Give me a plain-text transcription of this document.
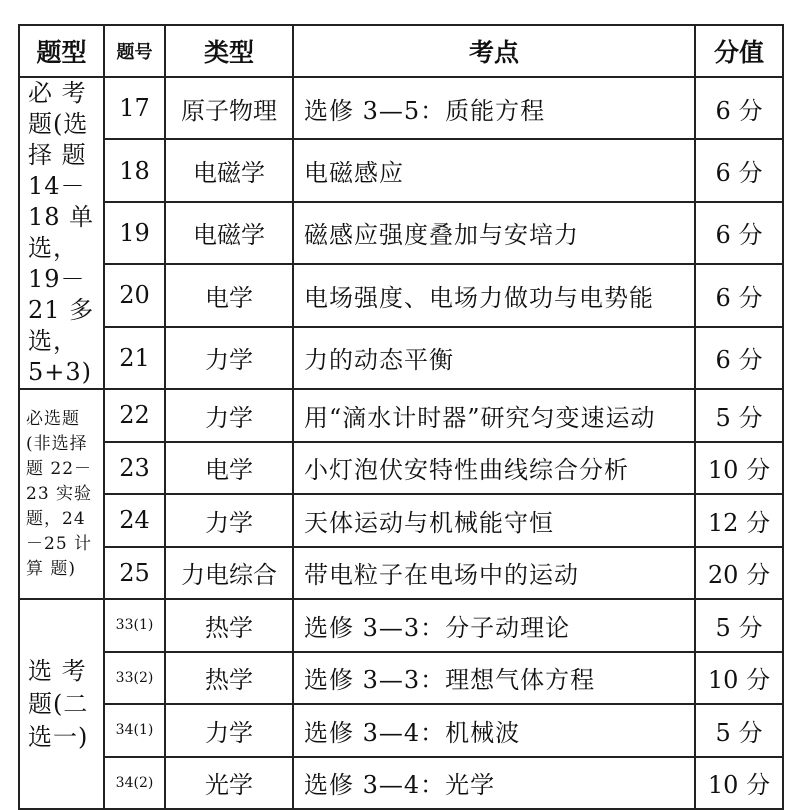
题型	题号	类型	考点	分值
必 考 题(选 择 题 14－18 单选， 19－21 多选， 5+3)	17	原子物理	选修 3—5：质能方程	6 分
	18	电磁学	电磁感应	6 分
	19	电磁学	磁感应强度叠加与安培力	6 分
	20	电学	电场强度、电场力做功与电势能	6 分
	21	力学	力的动态平衡	6 分
必选题 (非选择 题 22－23 实验 题，24－25 计算 题)	22	力学	用“滴水计时器”研究匀变速运动	5 分
	23	电学	小灯泡伏安特性曲线综合分析	10 分
	24	力学	天体运动与机械能守恒	12 分
	25	力电综合	带电粒子在电场中的运动	20 分
选 考 题(二 选一)	33(1)	热学	选修 3—3：分子动理论	5 分
	33(2)	热学	选修 3—3：理想气体方程	10 分
	34(1)	力学	选修 3—4：机械波	5 分
	34(2)	光学	选修 3—4：光学	10 分
